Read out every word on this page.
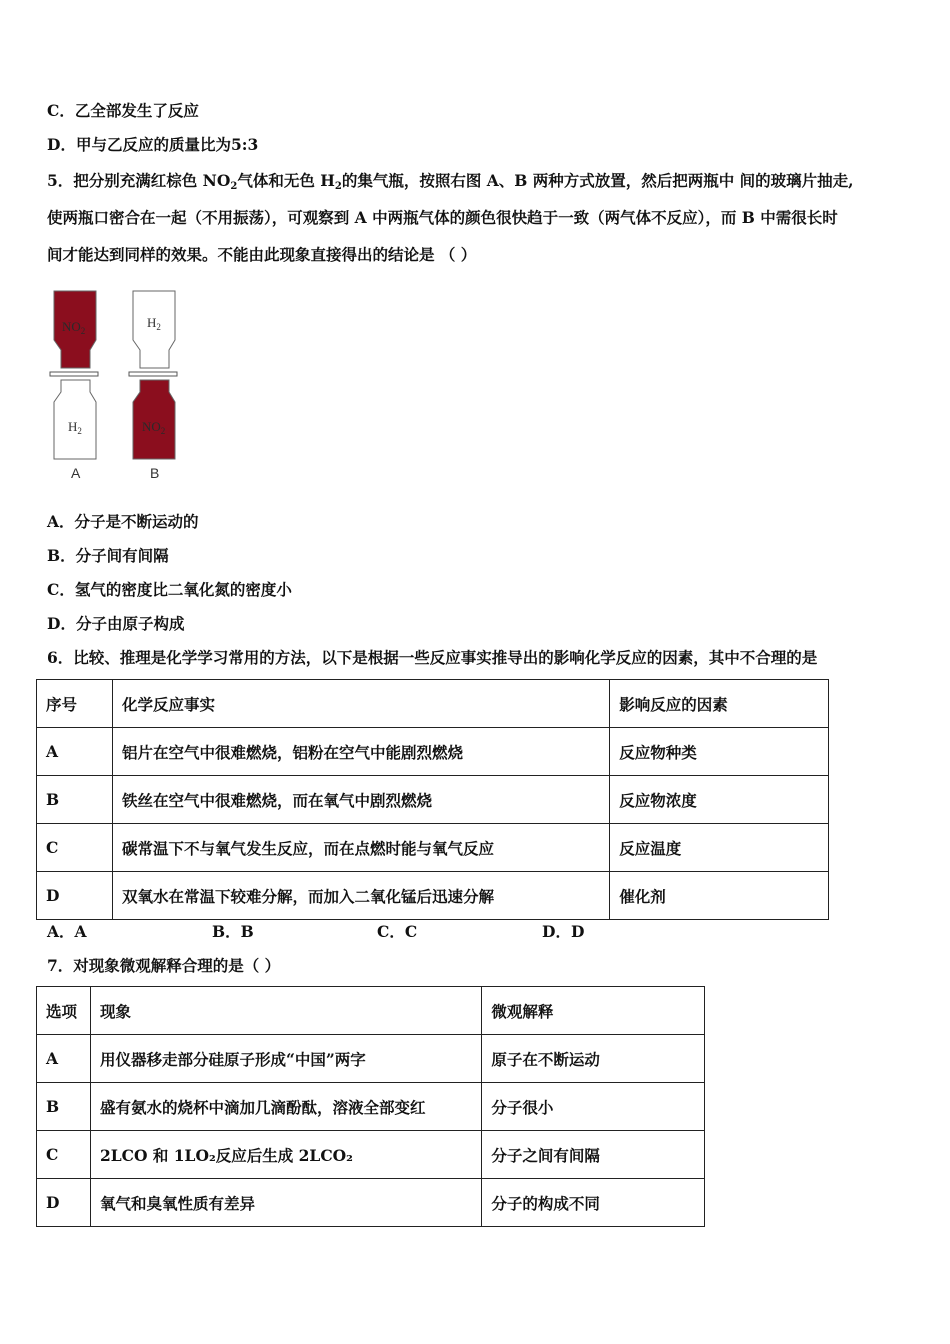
C．乙全部发生了反应
D．甲与乙反应的质量比为5:3
5．把分别充满红棕色 $NO_2$气体和无色 $H_2$的集气瓶，按照右图 A、B 两种方式放置，然后把两瓶中 间的玻璃片抽走,
使两瓶口密合在一起（不用振荡），可观察到 A 中两瓶气体的颜色很快趋于一致（两气体不反应），而 B 中需很长时
间才能达到同样的效果。不能由此现象直接得出的结论是 （ ）
$NO_2$
$H_2$
A
$H_2$
$NO_2$
B
A．分子是不断运动的
B．分子间有间隔
C．氢气的密度比二氧化氮的密度小
D．分子由原子构成
6．比较、推理是化学学习常用的方法，以下是根据一些反应事实推导出的影响化学反应的因素，其中不合理的是
序号	化学反应事实	影响反应的因素
A	铝片在空气中很难燃烧，铝粉在空气中能剧烈燃烧	反应物种类
B	铁丝在空气中很难燃烧，而在氧气中剧烈燃烧	反应物浓度
C	碳常温下不与氧气发生反应，而在点燃时能与氧气反应	反应温度
D	双氧水在常温下较难分解，而加入二氧化锰后迅速分解	催化剂
A．A	B．B	C．C	D．D
7．对现象微观解释合理的是（ ）
选项	现象	微观解释
A	用仪器移走部分硅原子形成“中国”两字	原子在不断运动
B	盛有氨水的烧杯中滴加几滴酚酞，溶液全部变红	分子很小
C	2LCO 和 1LO₂反应后生成 2LCO₂	分子之间有间隔
D	氧气和臭氧性质有差异	分子的构成不同
